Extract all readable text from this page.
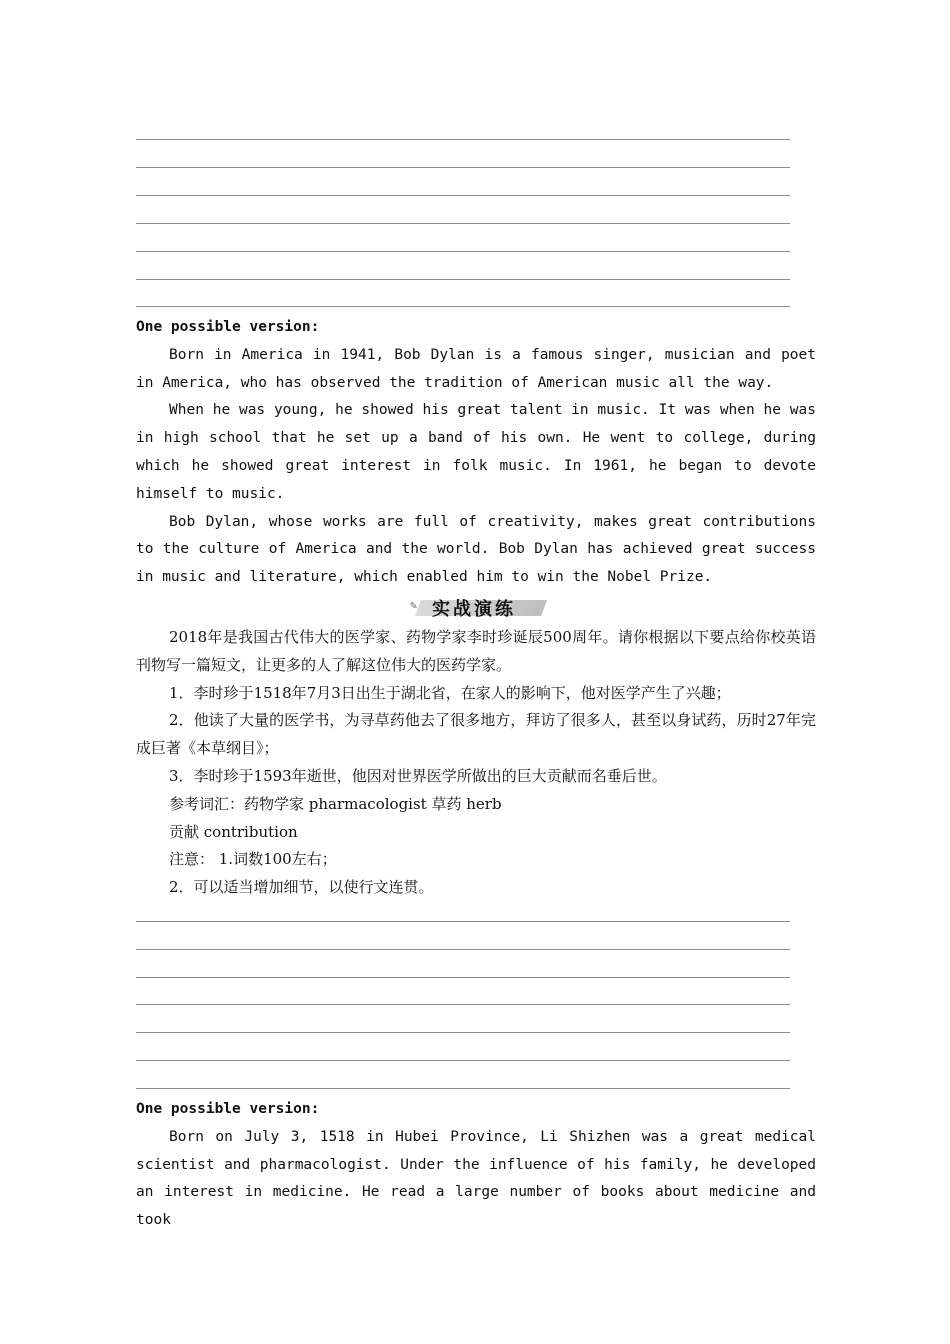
One possible version:

Born in America in 1941, Bob Dylan is a famous singer, musician and poet in America, who has observed the tradition of American music all the way.

When he was young, he showed his great talent in music. It was when he was in high school that he set up a band of his own. He went to college, during which he showed great interest in folk music. In 1961, he began to devote himself to music.

Bob Dylan, whose works are full of creativity, makes great contributions to the culture of America and the world. Bob Dylan has achieved great success in music and literature, which enabled him to win the Nobel Prize.

✎ 实战演练

2018年是我国古代伟大的医学家、药物学家李时珍诞辰500周年。请你根据以下要点给你校英语刊物写一篇短文，让更多的人了解这位伟大的医药学家。

1．李时珍于1518年7月3日出生于湖北省，在家人的影响下，他对医学产生了兴趣；

2．他读了大量的医学书，为寻草药他去了很多地方，拜访了很多人，甚至以身试药，历时27年完成巨著《本草纲目》；

3．李时珍于1593年逝世，他因对世界医学所做出的巨大贡献而名垂后世。

参考词汇：药物学家 pharmacologist 草药 herb

贡献 contribution

注意： 1.词数100左右；

2．可以适当增加细节，以使行文连贯。

One possible version:

Born on July 3, 1518 in Hubei Province, Li Shizhen was a great medical scientist and pharmacologist. Under the influence of his family, he developed an interest in medicine. He read a large number of books about medicine and took
